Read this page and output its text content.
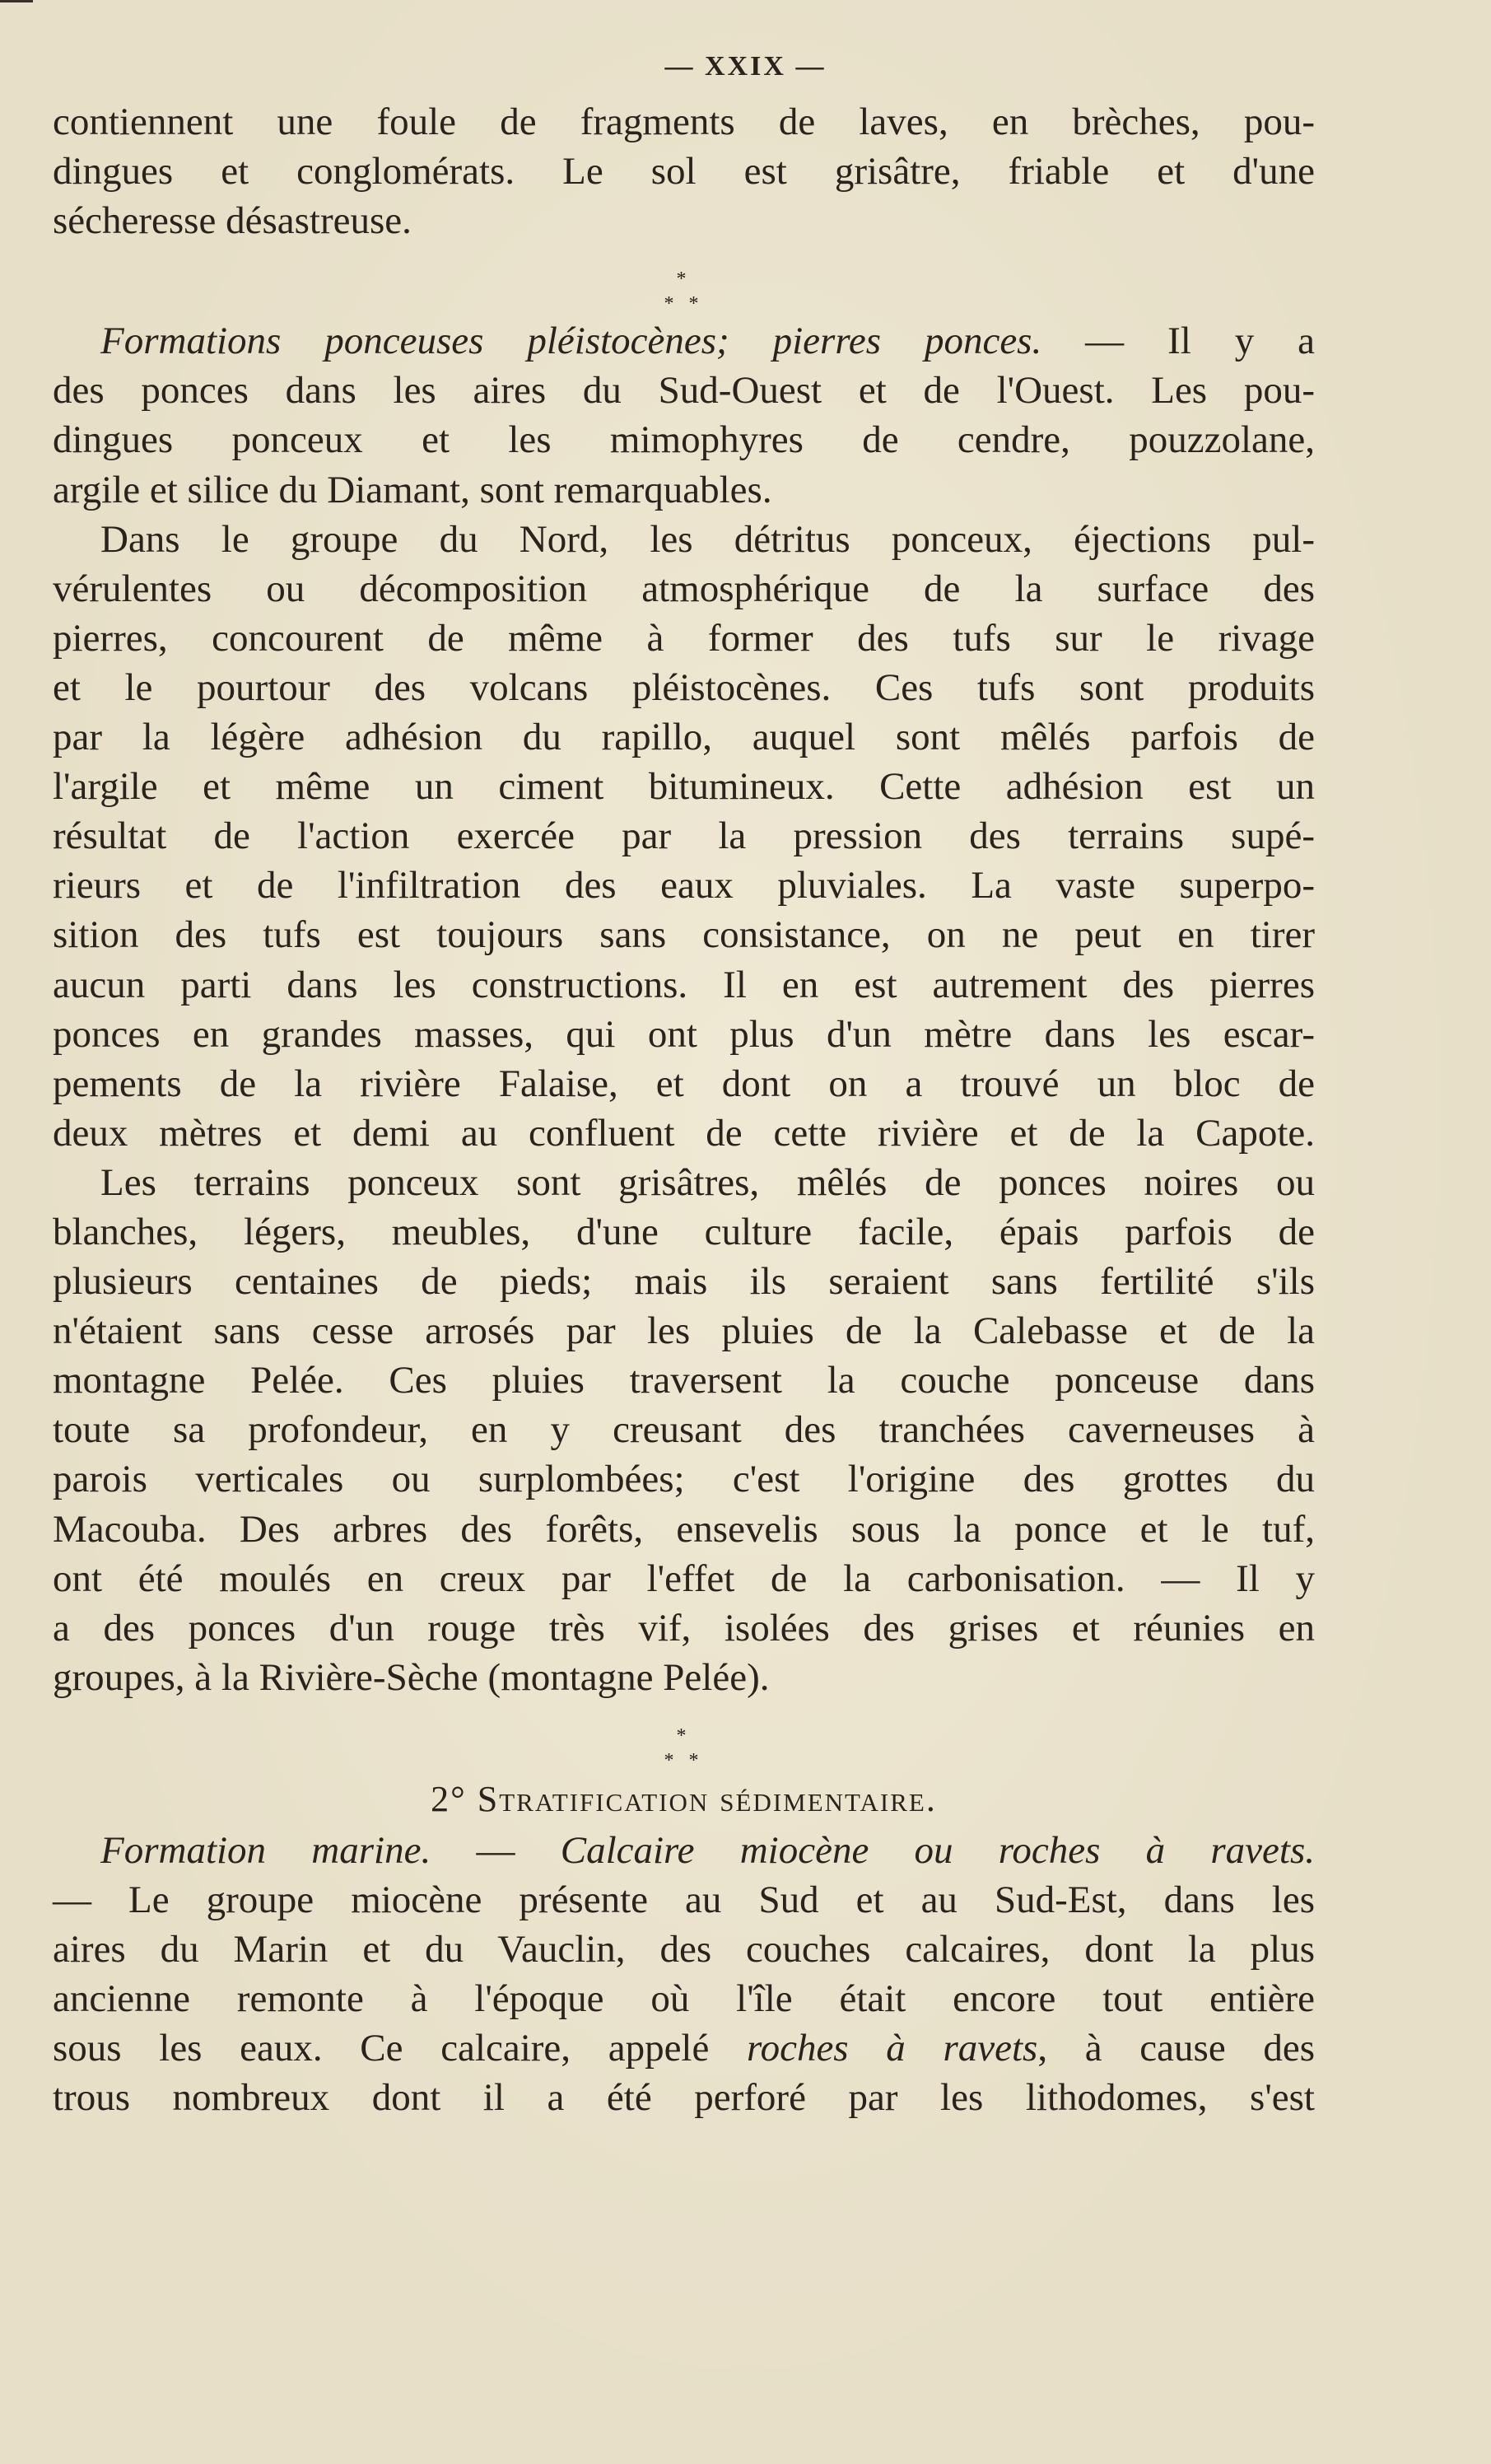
— XXIX —
contiennent une foule de fragments de laves, en brèches, pou-
dingues et conglomérats. Le sol est grisâtre, friable et d'une
sécheresse désastreuse.
*
* *
Formations ponceuses pléistocènes; pierres ponces. — Il y a
des ponces dans les aires du Sud-Ouest et de l'Ouest. Les pou-
dingues ponceux et les mimophyres de cendre, pouzzolane,
argile et silice du Diamant, sont remarquables.
Dans le groupe du Nord, les détritus ponceux, éjections pul-
vérulentes ou décomposition atmosphérique de la surface des
pierres, concourent de même à former des tufs sur le rivage
et le pourtour des volcans pléistocènes. Ces tufs sont produits
par la légère adhésion du rapillo, auquel sont mêlés parfois de
l'argile et même un ciment bitumineux. Cette adhésion est un
résultat de l'action exercée par la pression des terrains supé-
rieurs et de l'infiltration des eaux pluviales. La vaste superpo-
sition des tufs est toujours sans consistance, on ne peut en tirer
aucun parti dans les constructions. Il en est autrement des pierres
ponces en grandes masses, qui ont plus d'un mètre dans les escar-
pements de la rivière Falaise, et dont on a trouvé un bloc de
deux mètres et demi au confluent de cette rivière et de la Capote.
Les terrains ponceux sont grisâtres, mêlés de ponces noires ou
blanches, légers, meubles, d'une culture facile, épais parfois de
plusieurs centaines de pieds; mais ils seraient sans fertilité s'ils
n'étaient sans cesse arrosés par les pluies de la Calebasse et de la
montagne Pelée. Ces pluies traversent la couche ponceuse dans
toute sa profondeur, en y creusant des tranchées caverneuses à
parois verticales ou surplombées; c'est l'origine des grottes du
Macouba. Des arbres des forêts, ensevelis sous la ponce et le tuf,
ont été moulés en creux par l'effet de la carbonisation. — Il y
a des ponces d'un rouge très vif, isolées des grises et réunies en
groupes, à la Rivière-Sèche (montagne Pelée).
*
* *
2° Stratification sédimentaire.
Formation marine. — Calcaire miocène ou roches à ravets.
— Le groupe miocène présente au Sud et au Sud-Est, dans les
aires du Marin et du Vauclin, des couches calcaires, dont la plus
ancienne remonte à l'époque où l'île était encore tout entière
sous les eaux. Ce calcaire, appelé roches à ravets, à cause des
trous nombreux dont il a été perforé par les lithodomes, s'est
